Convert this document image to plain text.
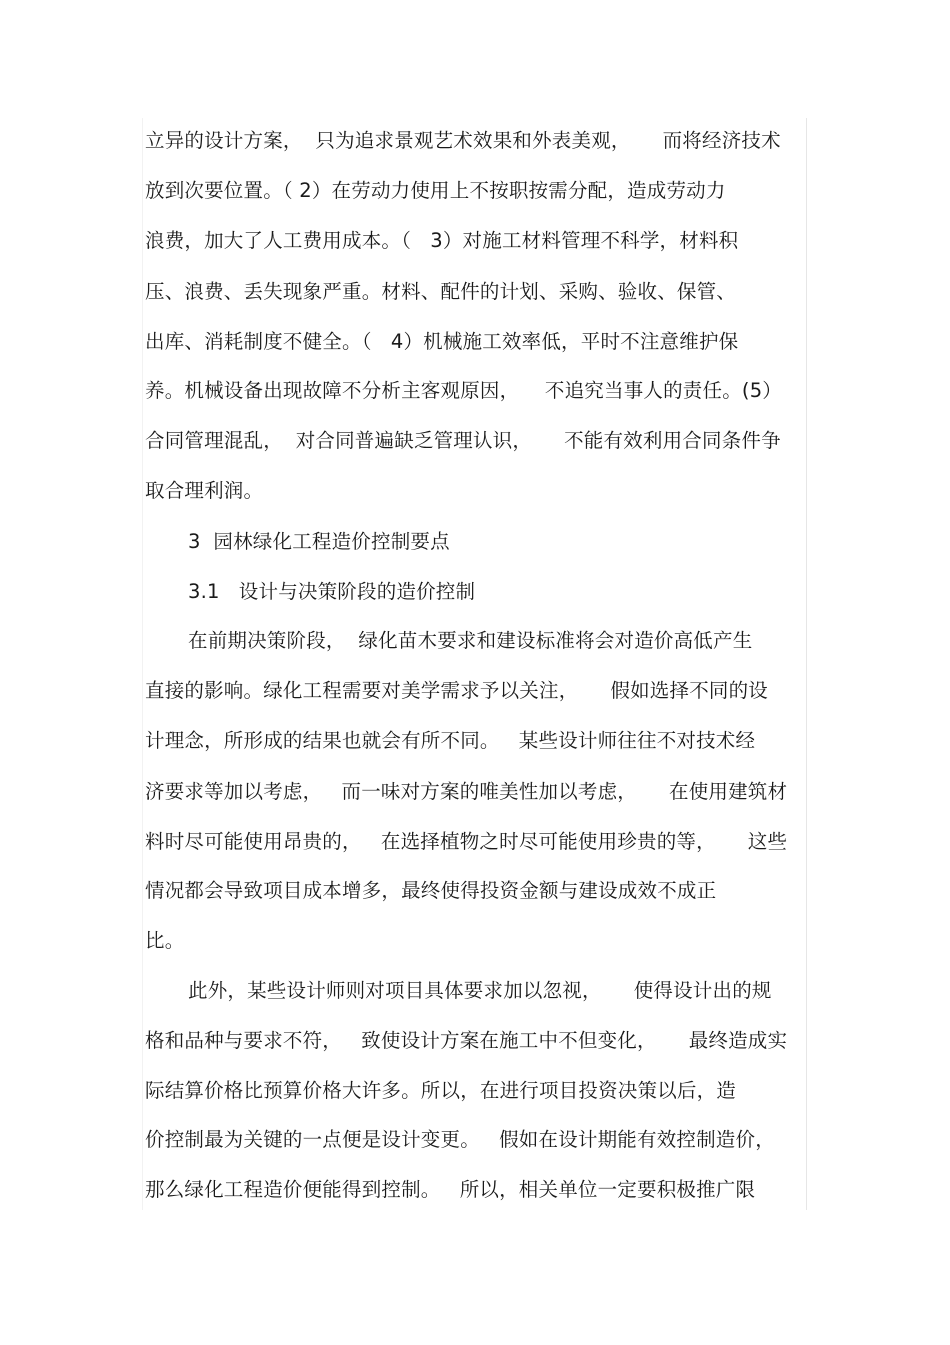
立异的设计方案，  只为追求景观艺术效果和外表美观，     而将经济技术
放到次要位置。（ 2）在劳动力使用上不按职按需分配，造成劳动力
浪费，加大了人工费用成本。（   3）对施工材料管理不科学，材料积
压、浪费、丢失现象严重。材料、配件的计划、采购、验收、保管、
出库、消耗制度不健全。（   4）机械施工效率低，平时不注意维护保
养。机械设备出现故障不分析主客观原因，    不追究当事人的责任。(5）
合同管理混乱，  对合同普遍缺乏管理认识，     不能有效利用合同条件争
取合理利润。
3  园林绿化工程造价控制要点
3.1   设计与决策阶段的造价控制
在前期决策阶段，  绿化苗木要求和建设标准将会对造价高低产生
直接的影响。绿化工程需要对美学需求予以关注，     假如选择不同的设
计理念，所形成的结果也就会有所不同。   某些设计师往往不对技术经
济要求等加以考虑，   而一味对方案的唯美性加以考虑，     在使用建筑材
料时尽可能使用昂贵的，   在选择植物之时尽可能使用珍贵的等，     这些
情况都会导致项目成本增多，最终使得投资金额与建设成效不成正
比。
此外，某些设计师则对项目具体要求加以忽视，     使得设计出的规
格和品种与要求不符，   致使设计方案在施工中不但变化，     最终造成实
际结算价格比预算价格大许多。所以，在进行项目投资决策以后，造
价控制最为关键的一点便是设计变更。   假如在设计期能有效控制造价，
那么绿化工程造价便能得到控制。   所以，相关单位一定要积极推广限
